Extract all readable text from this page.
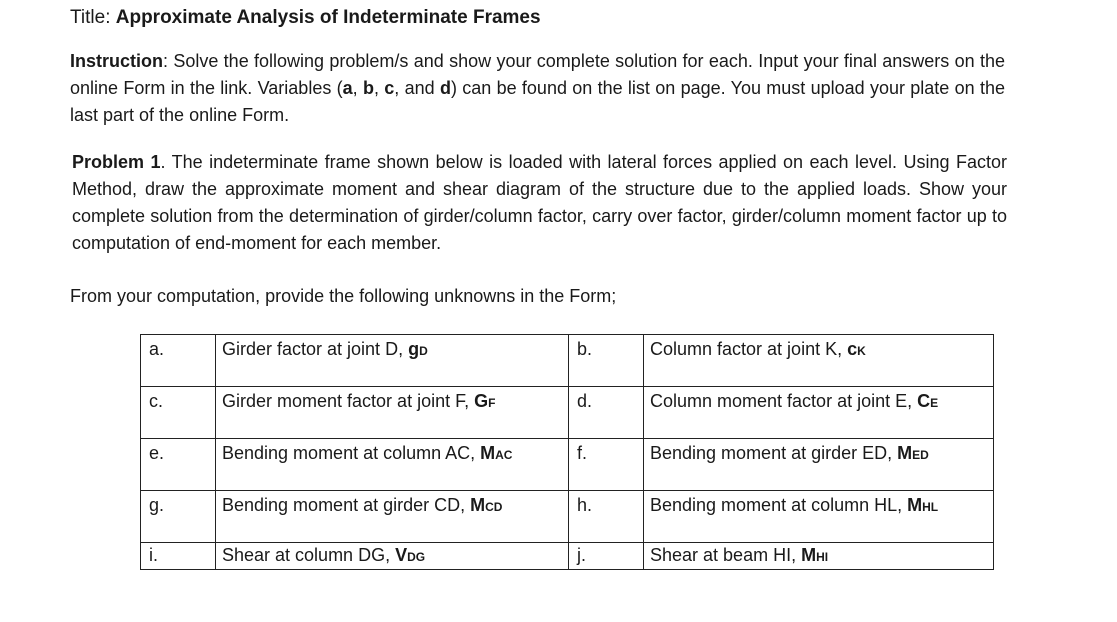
Title: Approximate Analysis of Indeterminate Frames
Instruction: Solve the following problem/s and show your complete solution for each. Input your final answers on the online Form in the link. Variables (a, b, c, and d) can be found on the list on page. You must upload your plate on the last part of the online Form.
Problem 1. The indeterminate frame shown below is loaded with lateral forces applied on each level. Using Factor Method, draw the approximate moment and shear diagram of the structure due to the applied loads. Show your complete solution from the determination of girder/column factor, carry over factor, girder/column moment factor up to computation of end-moment for each member.
From your computation, provide the following unknowns in the Form;
a.	Girder factor at joint D, gD	b.	Column factor at joint K, cK
c.	Girder moment factor at joint F, GF	d.	Column moment factor at joint E, CE
e.	Bending moment at column AC, MAC	f.	Bending moment at girder ED, MED
g.	Bending moment at girder CD, MCD	h.	Bending moment at column HL, MHL
i.	Shear at column DG, VDG	j.	Shear at beam HI, MHI
